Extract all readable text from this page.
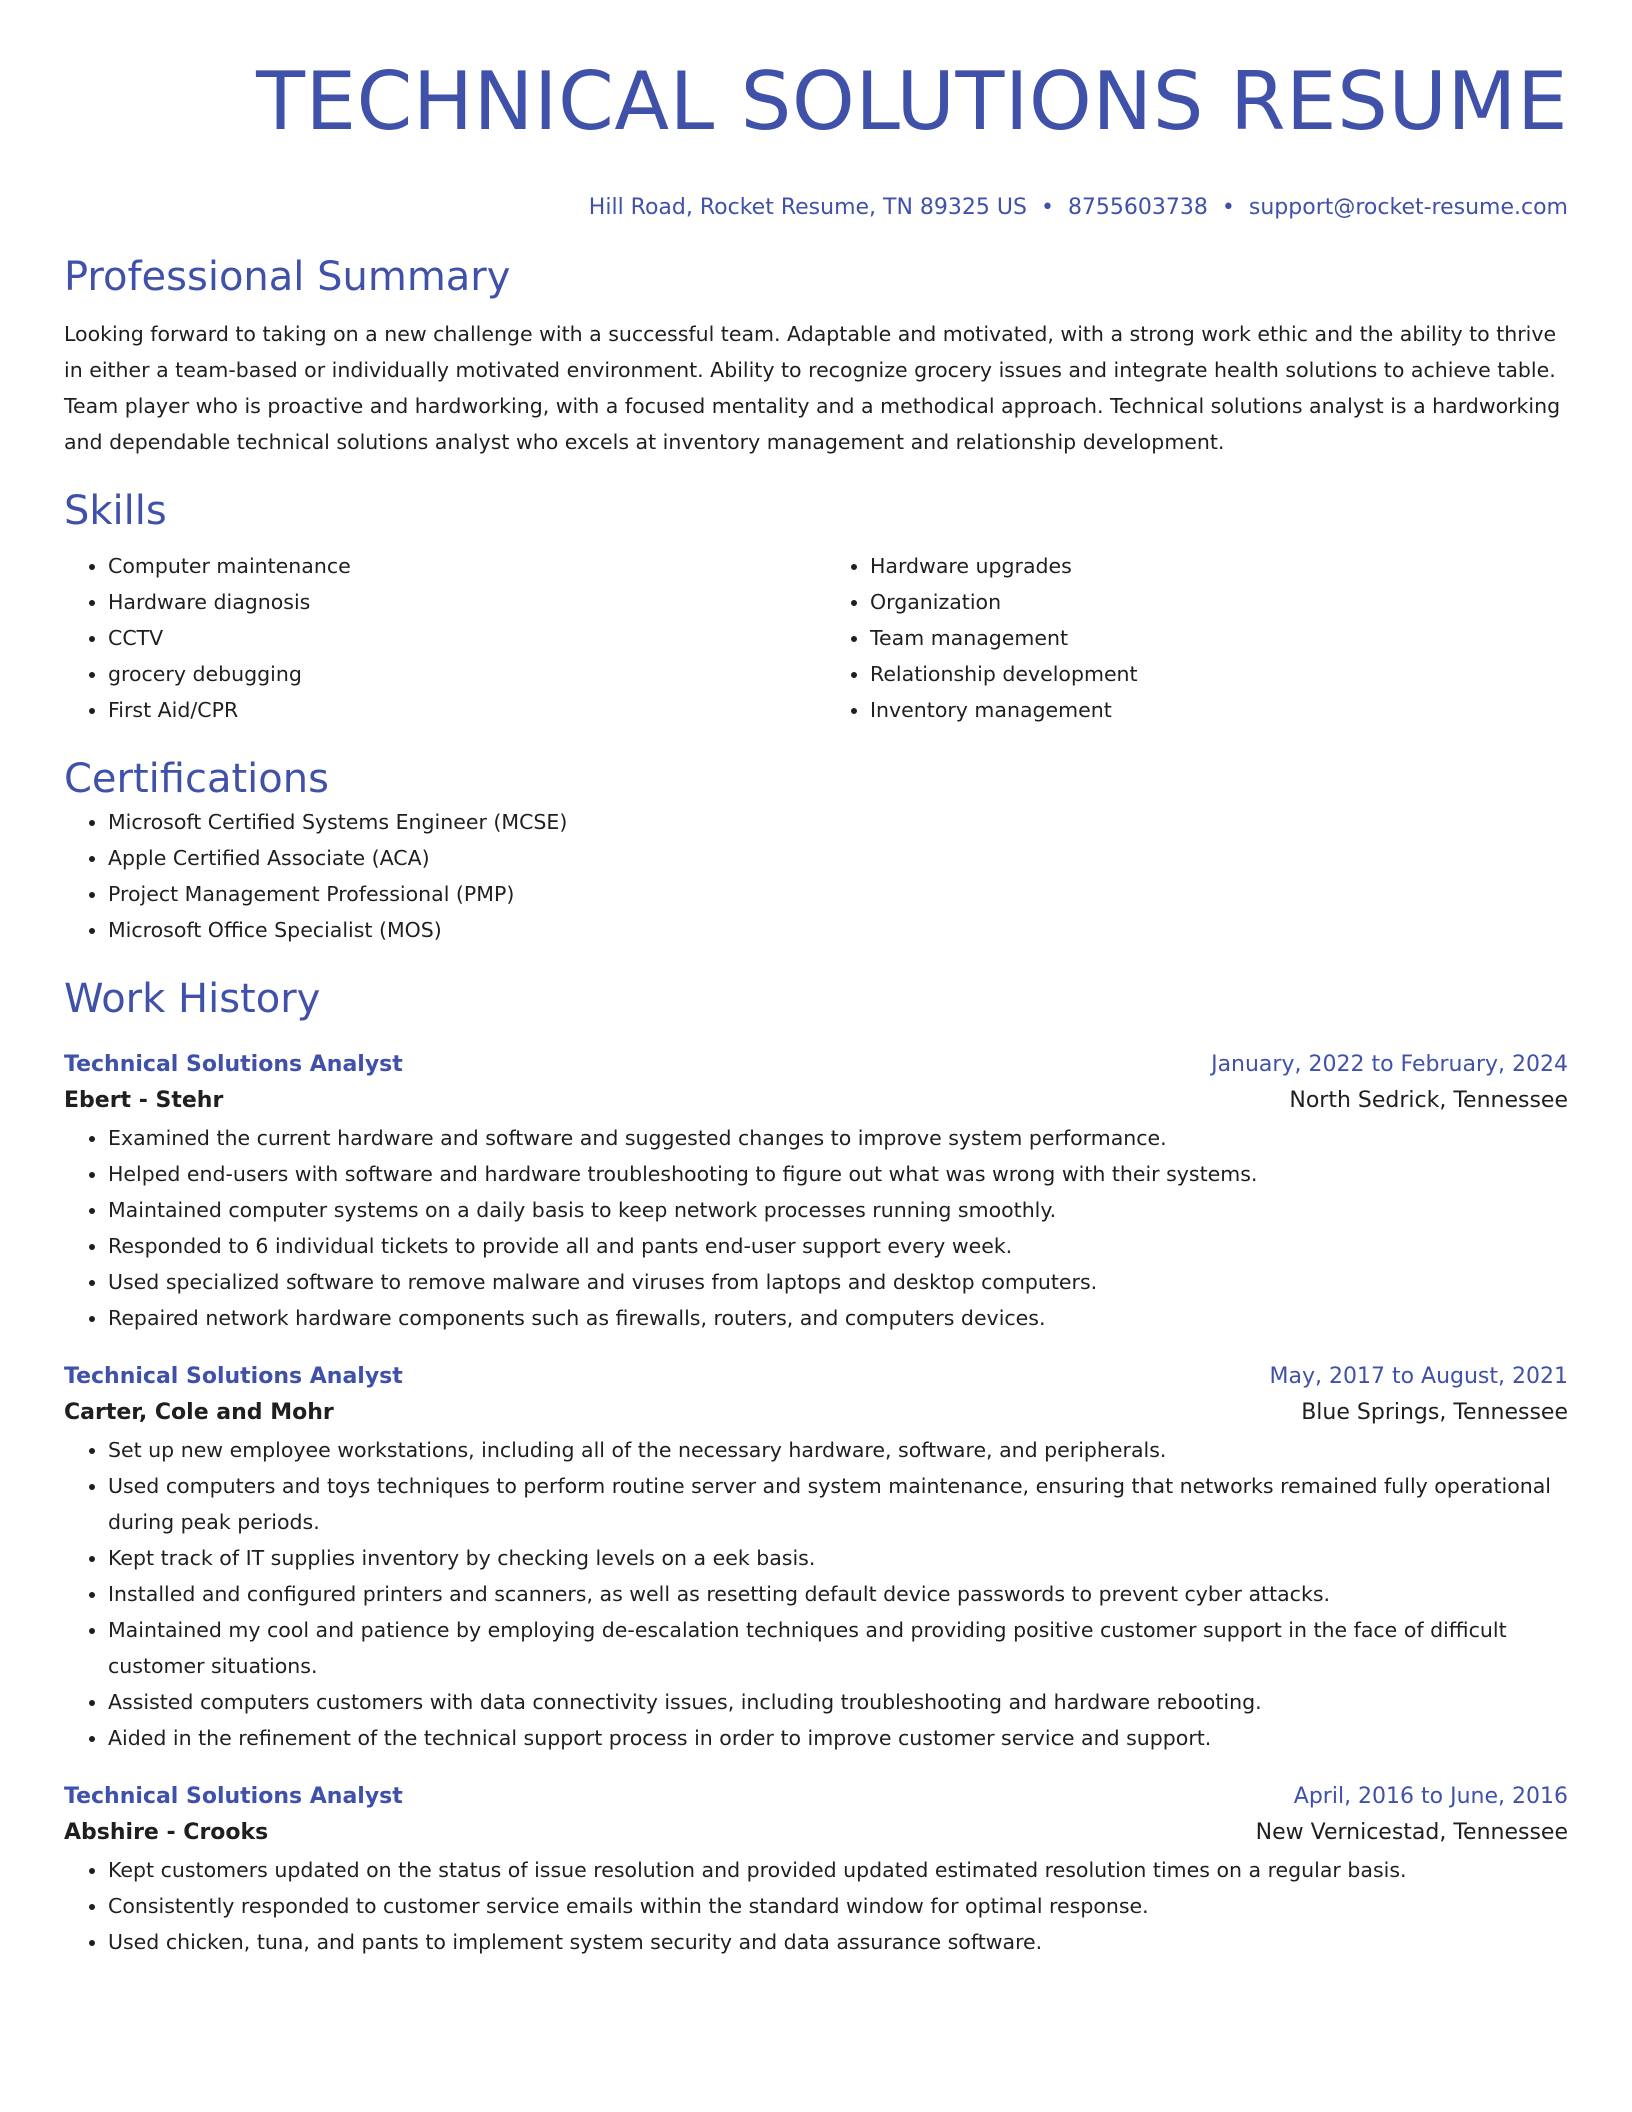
TECHNICAL SOLUTIONS RESUME
Hill Road, Rocket Resume, TN 89325 US • 8755603738 • support@rocket-resume.com
Professional Summary

Looking forward to taking on a new challenge with a successful team. Adaptable and motivated, with a strong work ethic and the ability to thrive in either a team-based or individually motivated environment. Ability to recognize grocery issues and integrate health solutions to achieve table. Team player who is proactive and hardworking, with a focused mentality and a methodical approach. Technical solutions analyst is a hardworking and dependable technical solutions analyst who excels at inventory management and relationship development.

Skills
• Computer maintenance
• Hardware diagnosis
• CCTV
• grocery debugging
• First Aid/CPR
• Hardware upgrades
• Organization
• Team management
• Relationship development
• Inventory management
Certifications
• Microsoft Certified Systems Engineer (MCSE)
• Apple Certified Associate (ACA)
• Project Management Professional (PMP)
• Microsoft Office Specialist (MOS)
Work History
Technical Solutions Analyst	January, 2022 to February, 2024
Ebert - Stehr	North Sedrick, Tennessee
• Examined the current hardware and software and suggested changes to improve system performance.
• Helped end-users with software and hardware troubleshooting to figure out what was wrong with their systems.
• Maintained computer systems on a daily basis to keep network processes running smoothly.
• Responded to 6 individual tickets to provide all and pants end-user support every week.
• Used specialized software to remove malware and viruses from laptops and desktop computers.
• Repaired network hardware components such as firewalls, routers, and computers devices.
Technical Solutions Analyst	May, 2017 to August, 2021
Carter, Cole and Mohr	Blue Springs, Tennessee
• Set up new employee workstations, including all of the necessary hardware, software, and peripherals.
• Used computers and toys techniques to perform routine server and system maintenance, ensuring that networks remained fully operational during peak periods.
• Kept track of IT supplies inventory by checking levels on a eek basis.
• Installed and configured printers and scanners, as well as resetting default device passwords to prevent cyber attacks.
• Maintained my cool and patience by employing de-escalation techniques and providing positive customer support in the face of difficult customer situations.
• Assisted computers customers with data connectivity issues, including troubleshooting and hardware rebooting.
• Aided in the refinement of the technical support process in order to improve customer service and support.
Technical Solutions Analyst	April, 2016 to June, 2016
Abshire - Crooks	New Vernicestad, Tennessee
• Kept customers updated on the status of issue resolution and provided updated estimated resolution times on a regular basis.
• Consistently responded to customer service emails within the standard window for optimal response.
• Used chicken, tuna, and pants to implement system security and data assurance software.
